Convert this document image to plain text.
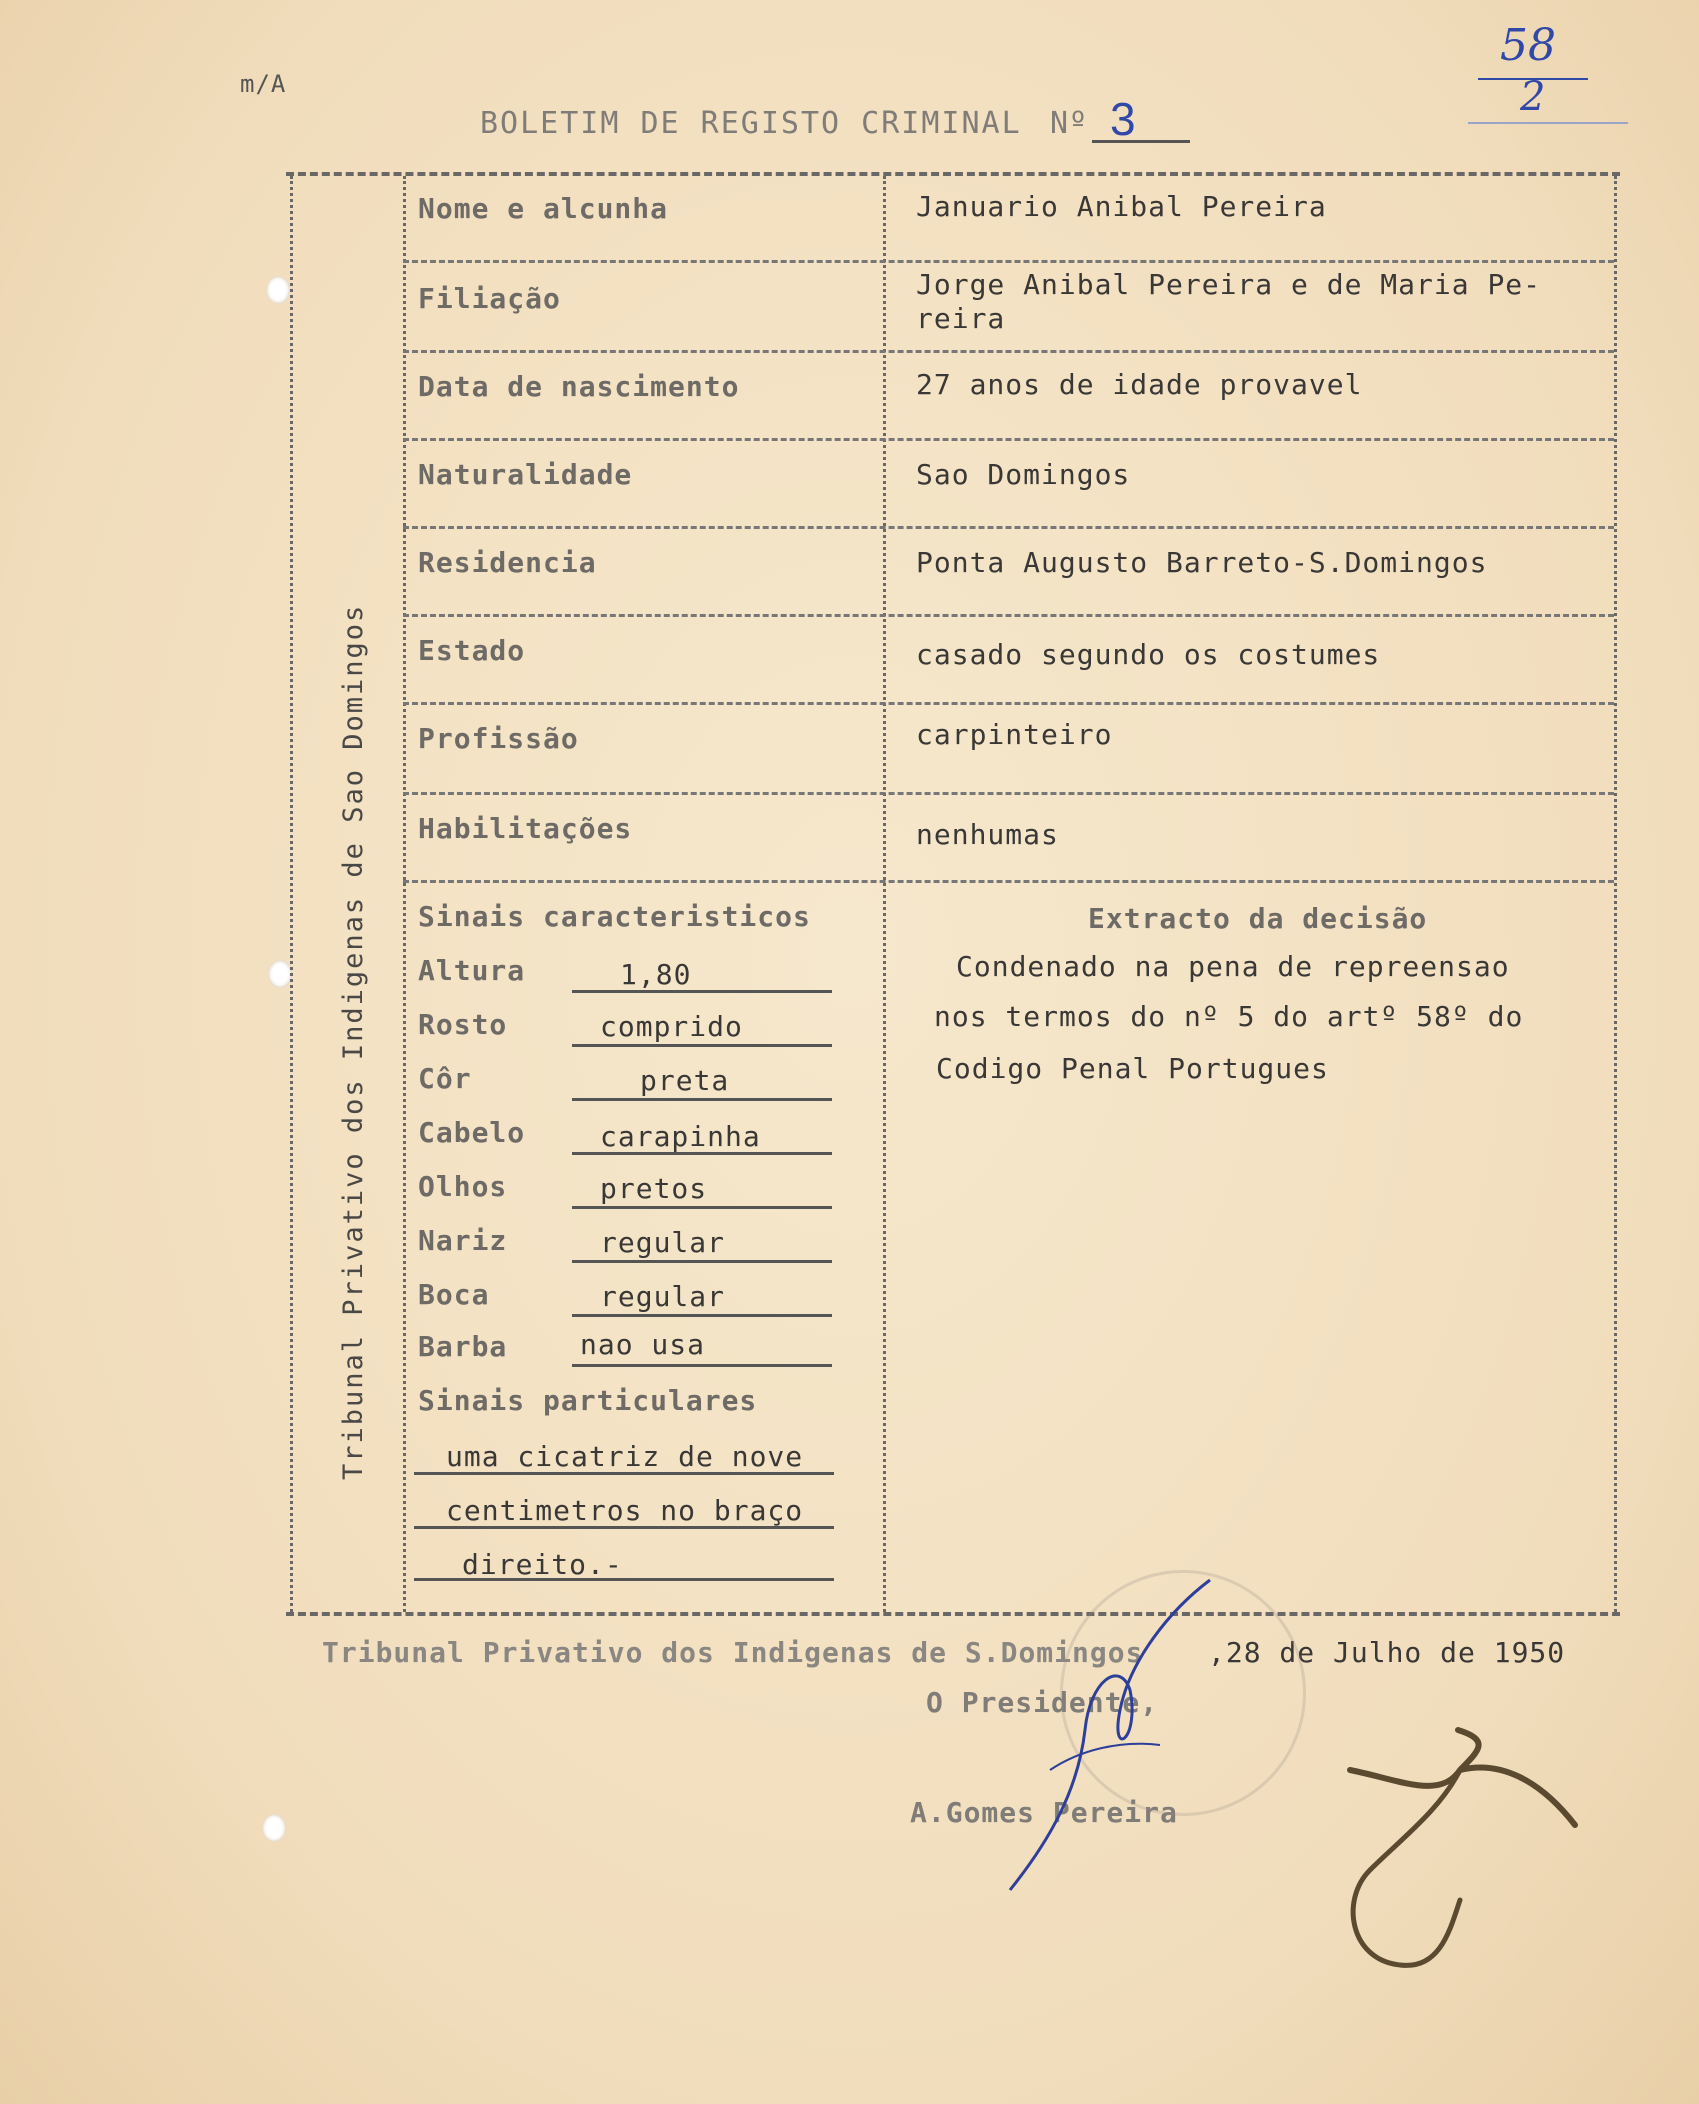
m/A
58
2
BOLETIM DE REGISTO CRIMINAL Nº 3
Tribunal Privativo dos Indigenas de Sao Domingos
Nome e alcunha	Januario Anibal Pereira
Filiação	Jorge Anibal Pereira e de Maria Pe-
reira
Data de nascimento	27 anos de idade provavel
Naturalidade	Sao Domingos
Residencia	Ponta Augusto Barreto-S.Domingos
Estado	casado segundo os costumes
Profissão	carpinteiro
Habilitações	nenhumas
Sinais caracteristicos
Altura	1,80
Rosto	comprido
Côr	preta
Cabelo	carapinha
Olhos	pretos
Nariz	regular
Boca	regular
Barba	nao usa
Sinais particulares
uma cicatriz de nove
centimetros no braço
direito.-
Extracto da decisão
Condenado na pena de repreensao
nos termos do nº 5 do artº 58º do
Codigo Penal Portugues
Tribunal Privativo dos Indigenas de S.Domingos ,28 de Julho de 1950
O Presidente,
A.Gomes Pereira
